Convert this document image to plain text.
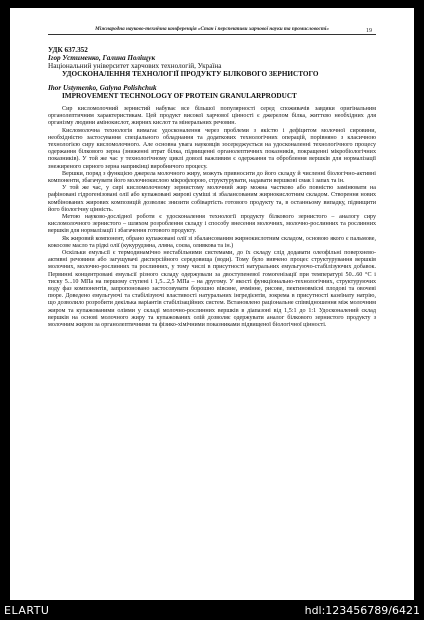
Міжнародна науково-технічна конференція «Стан і перспективи харчової науки та промисловості»	19
УДК 637.352
Ігор Устименко, Галина Поліщук
Національний університет харчових технологій, Україна
УДОСКОНАЛЕННЯ ТЕХНОЛОГІЇ ПРОДУКТУ БІЛКОВОГО ЗЕРНИСТОГО
Ihor Ustymenko, Galyna Polishchuk
IMPROVEMENT TECHNOLOGY OF PROTEIN GRANULARPRODUCT

Сир кисломолочний зернистий набуває все більшої популярності серед споживачів завдяки оригінальним органолептичним характеристикам. Цей продукт високої харчової цінності є джерелом білка, життєво необхідних для організму людини амінокислот, жирних кислот та мінеральних речовин.

Кисломолочна технологія вимагає удосконалення через проблеми з якістю і дефіцитом молочної сировини, необхідністю застосування спеціального обладнання та додаткових технологічних операцій, порівняно з класичною технологією сиру кисломолочного. Але основна увага науковців зосереджується на удосконаленні технологічного процесу одержання білкового зерна (зниженні втрат білка, підвищенні органолептичних показників, покращенні мікробіологічних показників). У той же час у технологічному циклі доволі важливим є одержання та оброблення вершків для нормалізації знежиреного сирного зерна наприкінці виробничого процесу.

Вершки, поряд з функцією джерела молочного жиру, можуть привносити до його складу й численні біологічно-активні компоненти, збагачувати його молочнокислою мікрофлорою, структурувати, надавати вершкові смак і запах та ін.

У той же час, у сирі кисломолочному зернистому молочний жир можна частково або повністю замінювати на рафіновані гідрогенізовані олії або купажовані жирові суміші зі збалансованим жирнокислотним складом. Створення нових комбінованих жирових композицій дозволяє знизити собівартість готового продукту та, в останньому випадку, підвищити його біологічну цінність.

Метою науково-дослідної роботи є удосконалення технології продукту білкового зернистого – аналогу сиру кисломолочного зернистого – шляхом розроблення складу і способу внесення молочних, молочно-рослинних та рослинних вершків для нормалізації і збагачення готового продукту.

Як жировий компонент, обрано купажовані олії зі збалансованим жирнокислотним складом, основою якого є пальмове, кокосове масло та рідкі олії (кукурудзяна, лляна, соєва, оливкова та ін.)

Оскільки емульсії є термодинамічно нестабільними системами, до їх складу слід додавати олеофільні поверхнево-активні речовини або загущувачі дисперсійного середовища (води). Тому було вивчено процес структурування вершків молочних, молочно-рослинних та рослинних, у тому числі в присутності натуральних емульгуючо-стабілізуючих добавок. Первинні концентровані емульсії різного складу одержували за двоступеневої гомогенізації при температурі 50...60 °С і тиску 5...10 МПа на першому ступені і 1,5...2,5 МПа – на другому. У якості функціонально-технологічних, структуруючих воду фаз компонентів, запропоновано застосовувати борошно вівсяне, ячмінне, рисове, пектиновмісні плодові та овочеві пюре. Доведено емульгуючі та стабілізуючі властивості натуральних інгредієнтів, зокрема в присутності казеїнату натрію, що дозволило розробити декілька варіантів стабілізаційних систем. Встановлено раціональне співвідношення між молочним жиром та купажованими оліями у складі молочно-рослинних вершків в діапазоні від 1,5:1 до 1:1 Удосконалений склад вершків на основі молочного жиру та купажованих олій дозволяє одержувати аналог білкового зернистого продукту з молочним жиром за органолептичними та фізико-хімічними показниками підвищеної біологічної цінності.

ELARTU	hdl:123456789/6421
